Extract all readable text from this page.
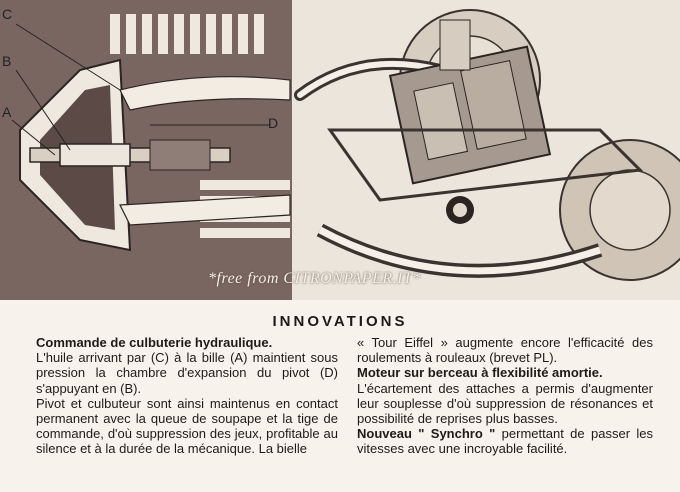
C
B
A
D
*free from CITRONPAPER.IT*
INNOVATIONS

Commande de culbuterie hydraulique.
L'huile arrivant par (C) à la bille (A) maintient sous pression la chambre d'expansion du pivot (D) s'appuyant en (B).

Pivot et culbuteur sont ainsi maintenus en contact permanent avec la queue de soupape et la tige de commande, d'où suppression des jeux, profitable au silence et à la durée de la mécanique. La bielle

« Tour Eiffel » augmente encore l'efficacité des roulements à rouleaux (brevet PL).

Moteur sur berceau à flexibilité amortie.
L'écartement des attaches a permis d'augmenter leur souplesse d'où suppression de résonances et possibilité de reprises plus basses.

Nouveau " Synchro " permettant de passer les vitesses avec une incroyable facilité.
